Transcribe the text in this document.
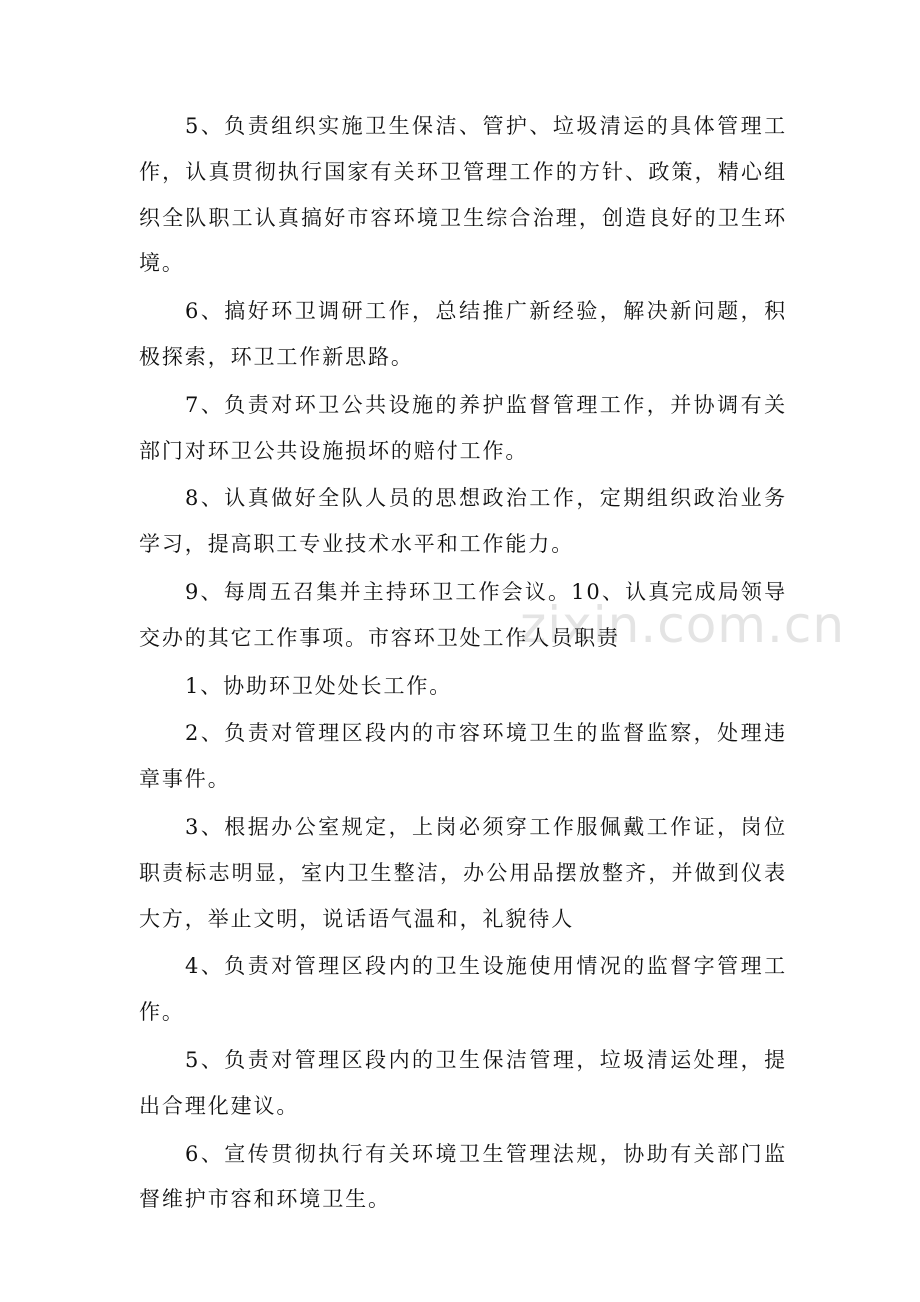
zixin.com.cn

5、负责组织实施卫生保洁、管护、垃圾清运的具体管理工作，认真贯彻执行国家有关环卫管理工作的方针、政策，精心组织全队职工认真搞好市容环境卫生综合治理，创造良好的卫生环境。

6、搞好环卫调研工作，总结推广新经验，解决新问题，积极探索，环卫工作新思路。

7、负责对环卫公共设施的养护监督管理工作，并协调有关部门对环卫公共设施损坏的赔付工作。

8、认真做好全队人员的思想政治工作，定期组织政治业务学习，提高职工专业技术水平和工作能力。

9、每周五召集并主持环卫工作会议。10、认真完成局领导交办的其它工作事项。市容环卫处工作人员职责

1、协助环卫处处长工作。

2、负责对管理区段内的市容环境卫生的监督监察，处理违章事件。

3、根据办公室规定，上岗必须穿工作服佩戴工作证，岗位职责标志明显，室内卫生整洁，办公用品摆放整齐，并做到仪表大方，举止文明，说话语气温和，礼貌待人

4、负责对管理区段内的卫生设施使用情况的监督字管理工作。

5、负责对管理区段内的卫生保洁管理，垃圾清运处理，提出合理化建议。

6、宣传贯彻执行有关环境卫生管理法规，协助有关部门监督维护市容和环境卫生。
